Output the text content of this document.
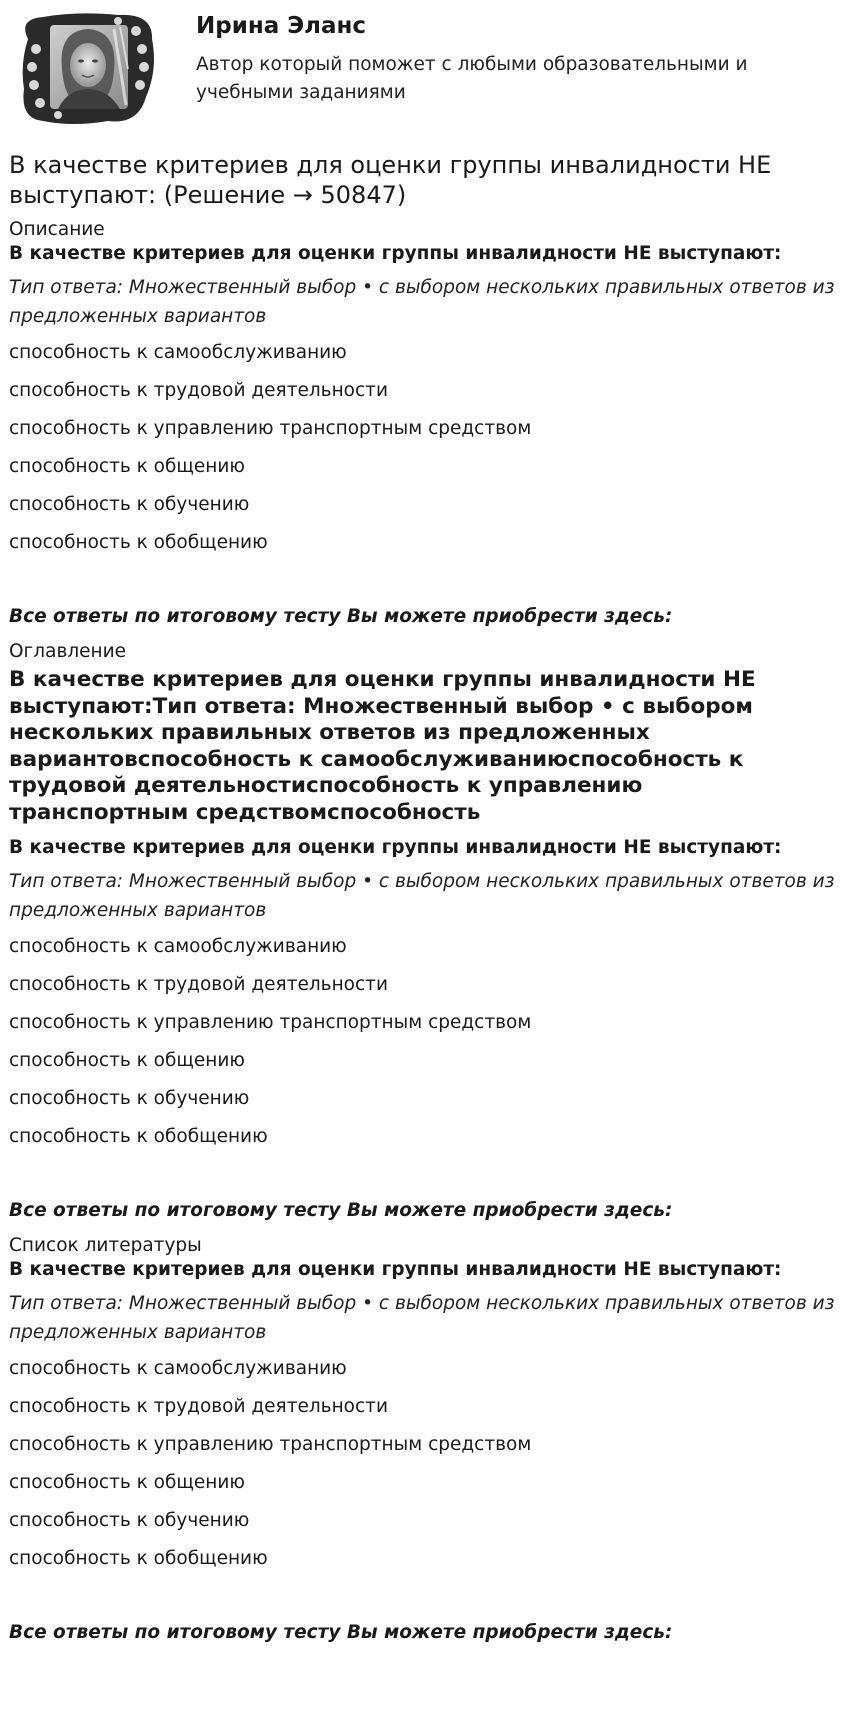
Ирина Эланс
Автор который поможет с любыми образовательными и учебными заданиями
В качестве критериев для оценки группы инвалидности НЕ выступают: (Решение → 50847)
Описание
В качестве критериев для оценки группы инвалидности НЕ выступают:
Тип ответа: Множественный выбор • с выбором нескольких правильных ответов из предложенных вариантов
способность к самообслуживанию
способность к трудовой деятельности
способность к управлению транспортным средством
способность к общению
способность к обучению
способность к обобщению
Все ответы по итоговому тесту Вы можете приобрести здесь:
Оглавление
В качестве критериев для оценки группы инвалидности НЕ выступают:Тип ответа: Множественный выбор • с выбором нескольких правильных ответов из предложенных вариантовспособность к самообслуживаниюспособность к трудовой деятельностиспособность к управлению транспортным средствомспособность
В качестве критериев для оценки группы инвалидности НЕ выступают:
Тип ответа: Множественный выбор • с выбором нескольких правильных ответов из предложенных вариантов
способность к самообслуживанию
способность к трудовой деятельности
способность к управлению транспортным средством
способность к общению
способность к обучению
способность к обобщению
Все ответы по итоговому тесту Вы можете приобрести здесь:
Список литературы
В качестве критериев для оценки группы инвалидности НЕ выступают:
Тип ответа: Множественный выбор • с выбором нескольких правильных ответов из предложенных вариантов
способность к самообслуживанию
способность к трудовой деятельности
способность к управлению транспортным средством
способность к общению
способность к обучению
способность к обобщению
Все ответы по итоговому тесту Вы можете приобрести здесь:
